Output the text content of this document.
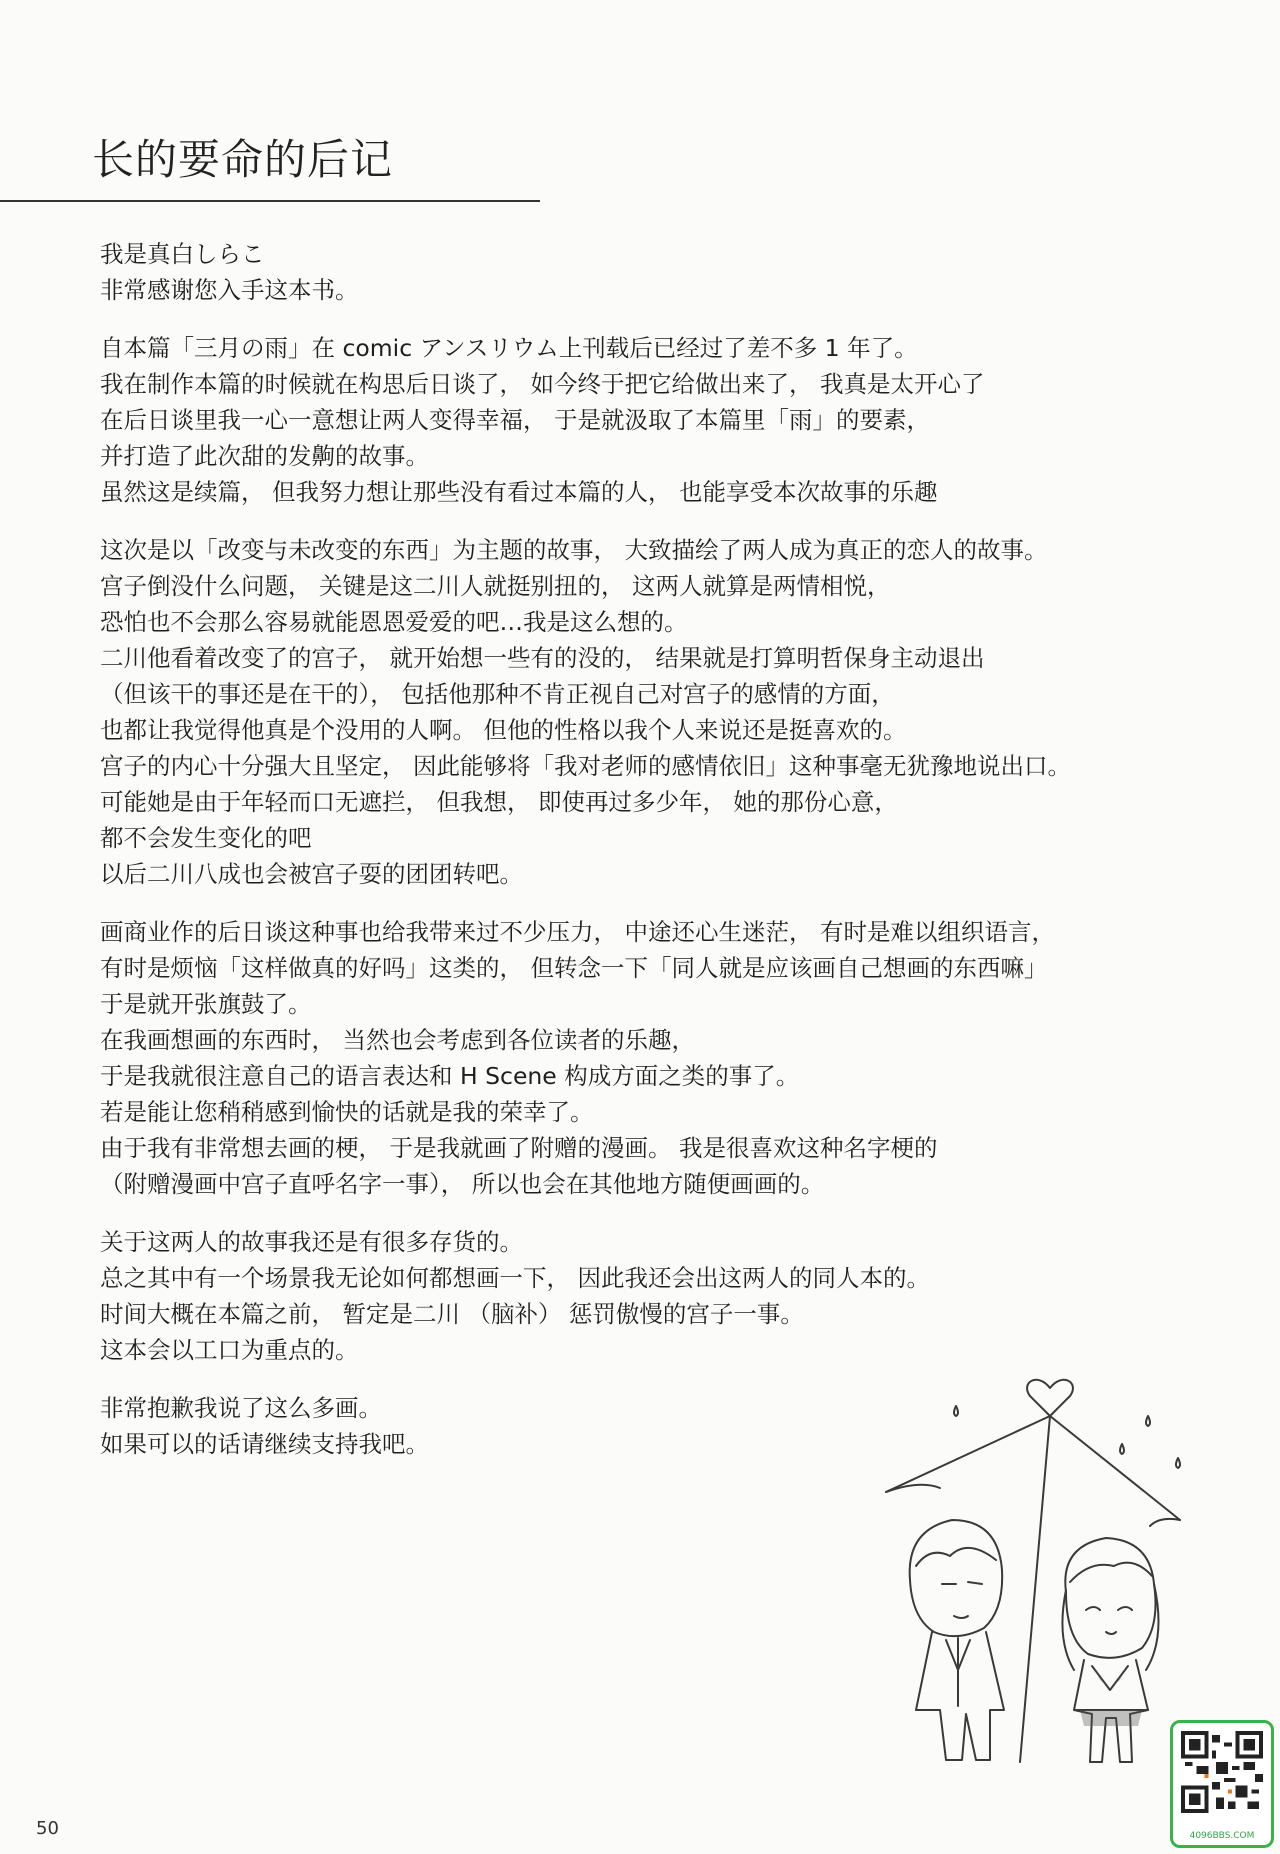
长的要命的后记
我是真白しらこ
非常感谢您入手这本书。
自本篇「三月の雨」在 comic アンスリウム上刊载后已经过了差不多 1 年了。
我在制作本篇的时候就在构思后日谈了， 如今终于把它给做出来了， 我真是太开心了
在后日谈里我一心一意想让两人变得幸福， 于是就汲取了本篇里「雨」的要素，
并打造了此次甜的发齁的故事。
虽然这是续篇， 但我努力想让那些没有看过本篇的人， 也能享受本次故事的乐趣
这次是以「改变与未改变的东西」为主题的故事， 大致描绘了两人成为真正的恋人的故事。
宫子倒没什么问题， 关键是这二川人就挺别扭的， 这两人就算是两情相悦，
恐怕也不会那么容易就能恩恩爱爱的吧…我是这么想的。
二川他看着改变了的宫子， 就开始想一些有的没的， 结果就是打算明哲保身主动退出
（但该干的事还是在干的）， 包括他那种不肯正视自己对宫子的感情的方面，
也都让我觉得他真是个没用的人啊。 但他的性格以我个人来说还是挺喜欢的。
宫子的内心十分强大且坚定， 因此能够将「我对老师的感情依旧」这种事毫无犹豫地说出口。
可能她是由于年轻而口无遮拦， 但我想， 即使再过多少年， 她的那份心意，
都不会发生变化的吧
以后二川八成也会被宫子耍的团团转吧。
画商业作的后日谈这种事也给我带来过不少压力， 中途还心生迷茫， 有时是难以组织语言，
有时是烦恼「这样做真的好吗」这类的， 但转念一下「同人就是应该画自己想画的东西嘛」
于是就开张旗鼓了。
在我画想画的东西时， 当然也会考虑到各位读者的乐趣，
于是我就很注意自己的语言表达和 H Scene 构成方面之类的事了。
若是能让您稍稍感到愉快的话就是我的荣幸了。
由于我有非常想去画的梗， 于是我就画了附赠的漫画。 我是很喜欢这种名字梗的
（附赠漫画中宫子直呼名字一事）， 所以也会在其他地方随便画画的。
关于这两人的故事我还是有很多存货的。
总之其中有一个场景我无论如何都想画一下， 因此我还会出这两人的同人本的。
时间大概在本篇之前， 暂定是二川 （脑补） 惩罚傲慢的宫子一事。
这本会以工口为重点的。
非常抱歉我说了这么多画。
如果可以的话请继续支持我吧。
50	4096BBS.COM
